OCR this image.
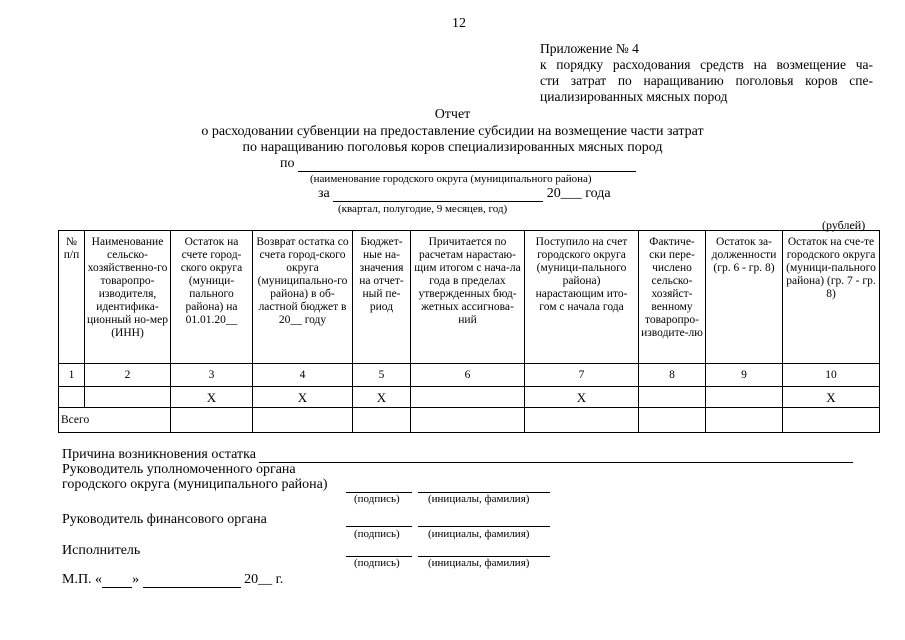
12
Приложение № 4
к порядку расходования средств на возмещение ча-
сти затрат по наращиванию поголовья коров спе-
циализированных мясных пород
Отчет
о расходовании субвенции на предоставление субсидии на возмещение части затрат
по наращиванию поголовья коров специализированных мясных пород
по
(наименование городского округа (муниципального района)
за	20___ года
(квартал, полугодие, 9 месяцев, год)
(рублей)
№ п/п	Наименование сельско-хозяйственно-го товаропро-изводителя, идентифика-ционный но-мер (ИНН)	Остаток на счете город-ского округа (муници-пального района) на 01.01.20__	Возврат остатка со счета город-ского округа (муниципально-го района) в об-ластной бюджет в 20__ году	Бюджет-ные на-значения на отчет-ный пе-риод	Причитается по расчетам нарастаю-щим итогом с нача-ла года в пределах утвержденных бюд-жетных ассигнова-ний	Поступило на счет городского округа (муници-пального района) нарастающим ито-гом с начала года	Фактиче-ски пере-числено сельско-хозяйст-венному товаропро-изводите-лю	Остаток за-долженности (гр. 6 - гр. 8)	Остаток на сче-те городского округа (муници-пального района) (гр. 7 - гр. 8)
1	2	3	4	5	6	7	8	9	10
		X	X	X		X			X
Всего									
Причина возникновения остатка
Руководитель уполномоченного органа
городского округа (муниципального района)
(подпись)	(инициалы, фамилия)
Руководитель финансового органа
(подпись)	(инициалы, фамилия)
Исполнитель
(подпись)	(инициалы, фамилия)
М.П. « »	20__ г.
